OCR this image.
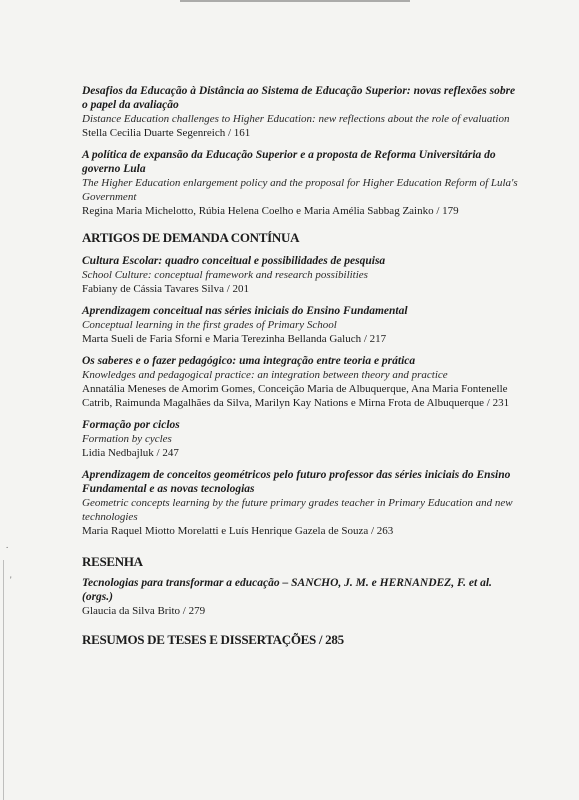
.
'

Desafios da Educação à Distância ao Sistema de Educação Superior: novas reflexões sobre o papel da avaliação

Distance Education challenges to Higher Education: new reflections about the role of evaluation

Stella Cecilia Duarte Segenreich / 161

A política de expansão da Educação Superior e a proposta de Reforma Universitária do governo Lula

The Higher Education enlargement policy and the proposal for Higher Education Reform of Lula's Government

Regina Maria Michelotto, Rúbia Helena Coelho e Maria Amélia Sabbag Zainko / 179

ARTIGOS DE DEMANDA CONTÍNUA

Cultura Escolar: quadro conceitual e possibilidades de pesquisa

School Culture: conceptual framework and research possibilities

Fabiany de Cássia Tavares Silva / 201

Aprendizagem conceitual nas séries iniciais do Ensino Fundamental

Conceptual learning in the first grades of Primary School

Marta Sueli de Faria Sforni e Maria Terezinha Bellanda Galuch / 217

Os saberes e o fazer pedagógico: uma integração entre teoria e prática

Knowledges and pedagogical practice: an integration between theory and practice

Annatália Meneses de Amorim Gomes, Conceição Maria de Albuquerque, Ana Maria Fontenelle Catrib, Raimunda Magalhães da Silva, Marilyn Kay Nations e Mirna Frota de Albuquerque / 231

Formação por ciclos

Formation by cycles

Lidia Nedbajluk / 247

Aprendizagem de conceitos geométricos pelo futuro professor das séries iniciais do Ensino Fundamental e as novas tecnologias

Geometric concepts learning by the future primary grades teacher in Primary Education and new technologies

Maria Raquel Miotto Morelatti e Luís Henrique Gazela de Souza / 263

RESENHA

Tecnologias para transformar a educação – SANCHO, J. M. e HERNANDEZ, F. et al. (orgs.)

Glaucia da Silva Brito / 279

RESUMOS DE TESES E DISSERTAÇÕES / 285
